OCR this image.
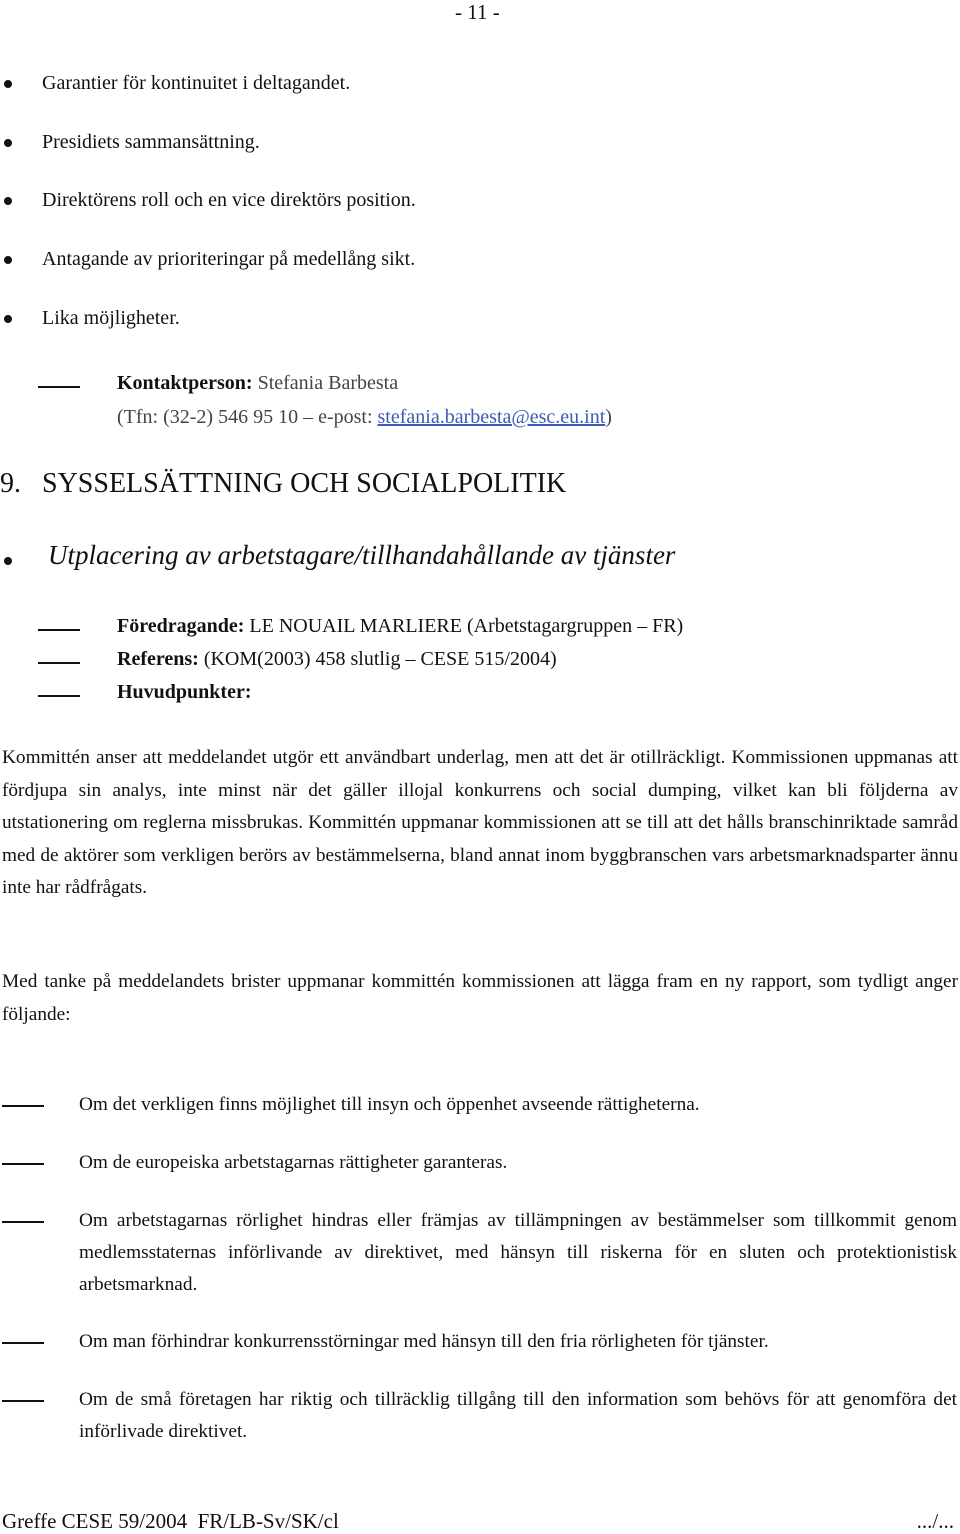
- 11 -
Garantier för kontinuitet i deltagandet.
Presidiets sammansättning.
Direktörens roll och en vice direktörs position.
Antagande av prioriteringar på medellång sikt.
Lika möjligheter.
Kontaktperson: Stefania Barbesta
(Tfn: (32-2) 546 95 10 – e-post: stefania.barbesta@esc.eu.int)
9. SYSSELSÄTTNING OCH SOCIALPOLITIK
Utplacering av arbetstagare/tillhandahållande av tjänster
Föredragande: LE NOUAIL MARLIERE (Arbetstagargruppen – FR)
Referens: (KOM(2003) 458 slutlig – CESE 515/2004)
Huvudpunkter:
Kommittén anser att meddelandet utgör ett användbart underlag, men att det är otillräckligt. Kommissionen uppmanas att fördjupa sin analys, inte minst när det gäller illojal konkurrens och social dumping, vilket kan bli följderna av utstationering om reglerna missbrukas. Kommittén uppmanar kommissionen att se till att det hålls branschinriktade samråd med de aktörer som verkligen berörs av bestämmelserna, bland annat inom byggbranschen vars arbetsmarknadsparter ännu inte har rådfrågats.
Med tanke på meddelandets brister uppmanar kommittén kommissionen att lägga fram en ny rapport, som tydligt anger följande:
Om det verkligen finns möjlighet till insyn och öppenhet avseende rättigheterna.
Om de europeiska arbetstagarnas rättigheter garanteras.
Om arbetstagarnas rörlighet hindras eller främjas av tillämpningen av bestämmelser som tillkommit genom medlemsstaternas införlivande av direktivet, med hänsyn till riskerna för en sluten och protektionistisk arbetsmarknad.
Om man förhindrar konkurrensstörningar med hänsyn till den fria rörligheten för tjänster.
Om de små företagen har riktig och tillräcklig tillgång till den information som behövs för att genomföra det införlivade direktivet.
Greffe CESE 59/2004  FR/LB-Sv/SK/cl	.../...
